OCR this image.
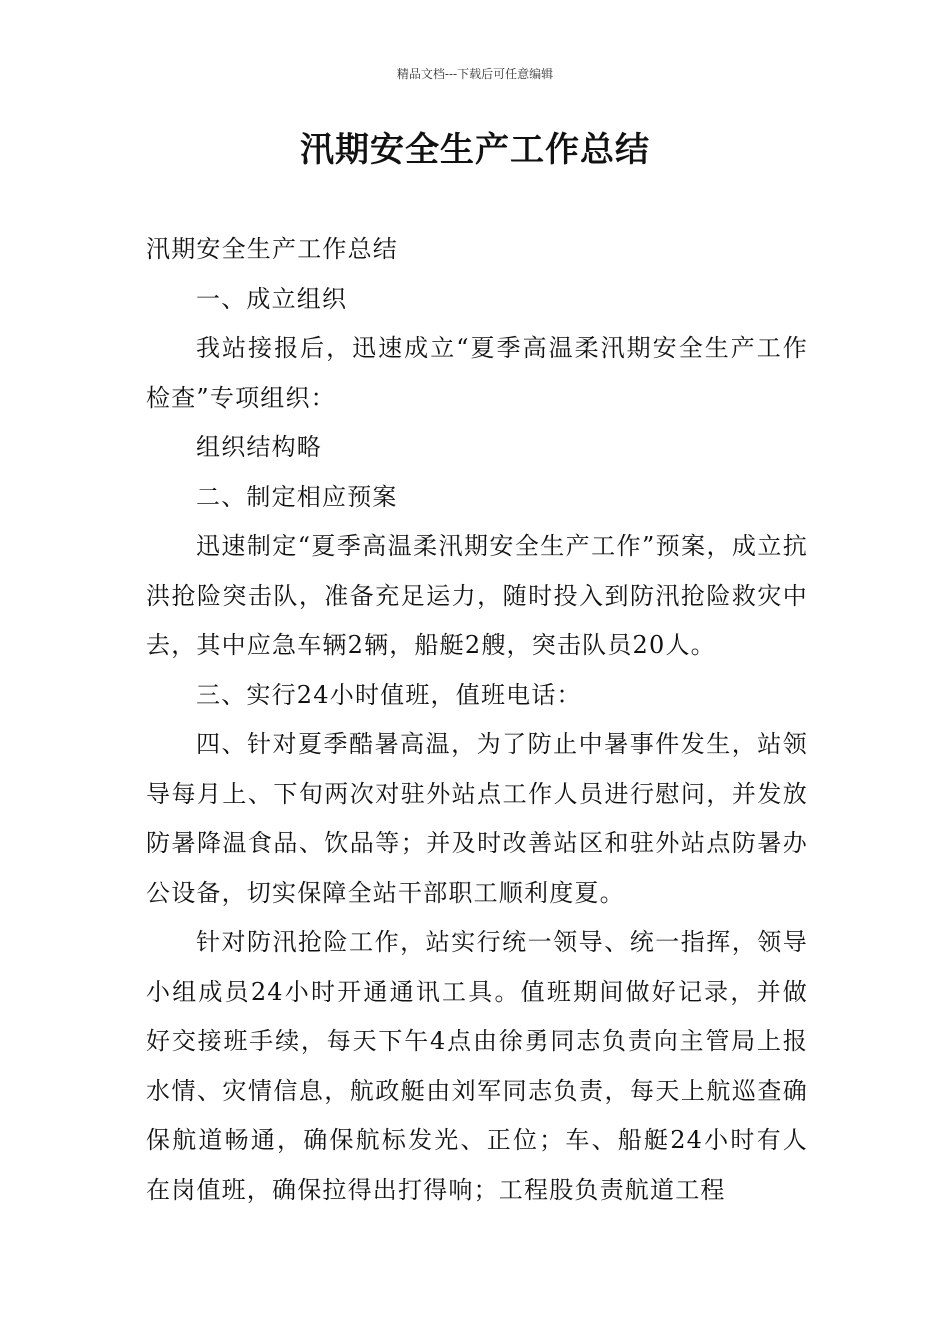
精品文档---下载后可任意编辑
汛期安全生产工作总结

汛期安全生产工作总结

一、成立组织

我站接报后，迅速成立“夏季高温柔汛期安全生产工作检查”专项组织：

组织结构略

二、制定相应预案

迅速制定“夏季高温柔汛期安全生产工作”预案，成立抗洪抢险突击队，准备充足运力，随时投入到防汛抢险救灾中去，其中应急车辆2辆，船艇2艘，突击队员20人。

三、实行24小时值班，值班电话：

四、针对夏季酷暑高温，为了防止中暑事件发生，站领导每月上、下旬两次对驻外站点工作人员进行慰问，并发放防暑降温食品、饮品等；并及时改善站区和驻外站点防暑办公设备，切实保障全站干部职工顺利度夏。

针对防汛抢险工作，站实行统一领导、统一指挥，领导小组成员24小时开通通讯工具。值班期间做好记录，并做好交接班手续，每天下午4点由徐勇同志负责向主管局上报水情、灾情信息，航政艇由刘军同志负责，每天上航巡查确保航道畅通，确保航标发光、正位；车、船艇24小时有人在岗值班，确保拉得出打得响；工程股负责航道工程
